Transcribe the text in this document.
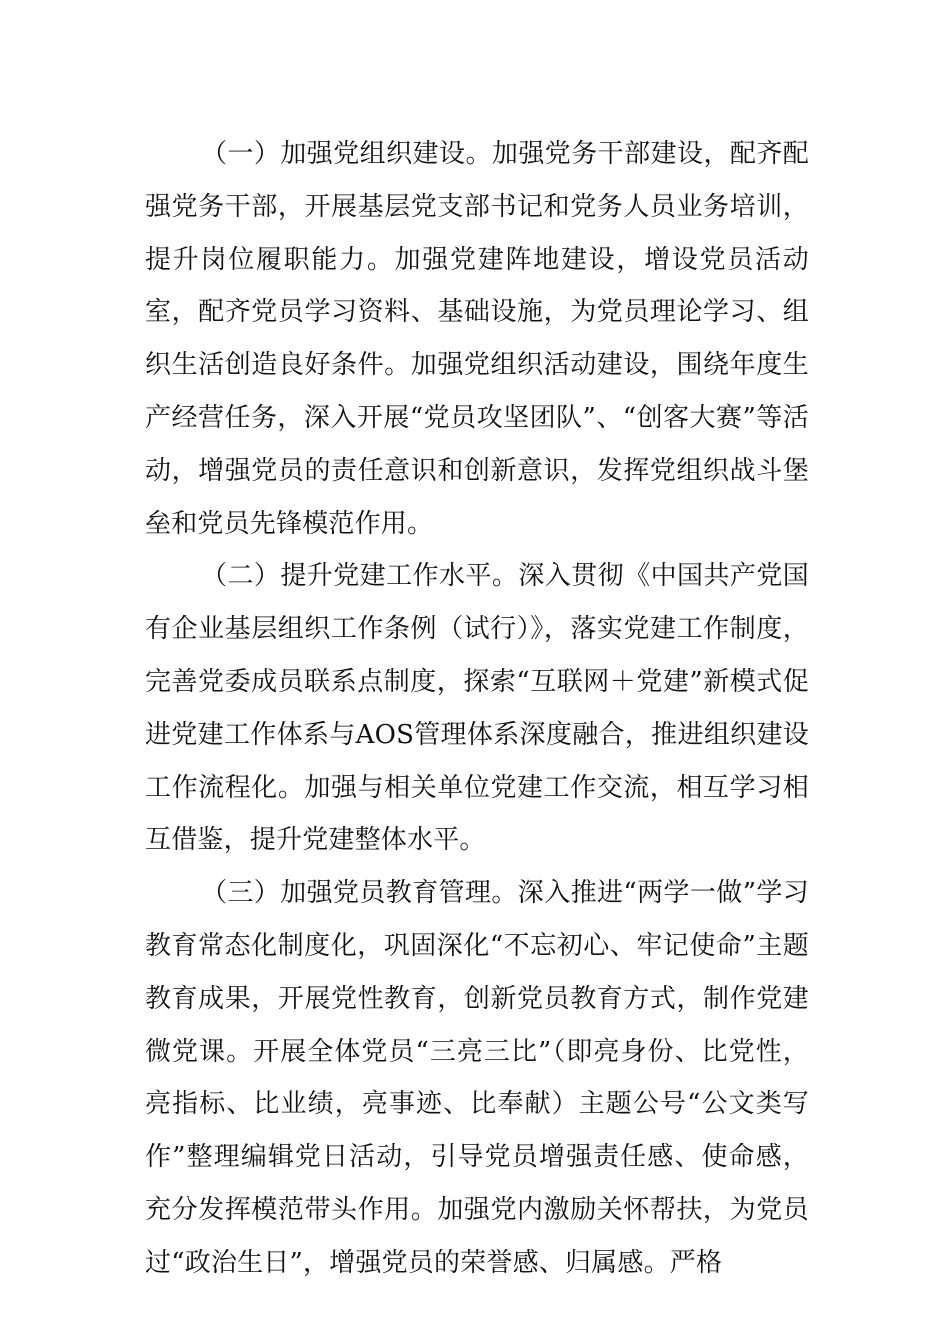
（一）加强党组织建设。加强党务干部建设，配齐配强党务干部，开展基层党支部书记和党务人员业务培训，提升岗位履职能力。加强党建阵地建设，增设党员活动室，配齐党员学习资料、基础设施，为党员理论学习、组织生活创造良好条件。加强党组织活动建设，围绕年度生产经营任务，深入开展“党员攻坚团队”、“创客大赛”等活动，增强党员的责任意识和创新意识，发挥党组织战斗堡垒和党员先锋模范作用。

（二）提升党建工作水平。深入贯彻《中国共产党国有企业基层组织工作条例（试行）》，落实党建工作制度，完善党委成员联系点制度，探索“互联网＋党建”新模式促进党建工作体系与AOS管理体系深度融合，推进组织建设工作流程化。加强与相关单位党建工作交流，相互学习相互借鉴，提升党建整体水平。

（三）加强党员教育管理。深入推进“两学一做”学习教育常态化制度化，巩固深化“不忘初心、牢记使命”主题教育成果，开展党性教育，创新党员教育方式，制作党建微党课。开展全体党员“三亮三比”（即亮身份、比党性，亮指标、比业绩，亮事迹、比奉献）主题公号“公文类写作”整理编辑党日活动，引导党员增强责任感、使命感，充分发挥模范带头作用。加强党内激励关怀帮扶，为党员过“政治生日”，增强党员的荣誉感、归属感。严格
